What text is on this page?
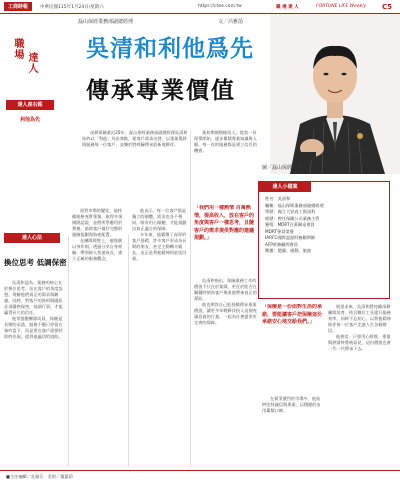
工商時報	中華民國115年1月24日/星期六	https://ctee.com.tw	職 場 達 人	FORTUNE LIFE Weekly C5
職場
達人
達人座右銘
利他為先
磊山保經業務部副總經理	文／呂雅菡
吳清和利他爲先
傳承專業價值
圖／磊山保經提供

深耕保險業近20年，磊山保經業務部副總經理吳清和始終以「利他」為出發點，從客戶需求出發，以專業與熱情服務每一位客戶，並樂於將經驗傳承給新進夥伴。

業初期便積極投入，從第一份保單開始，逐步累積專業知識與人脈，每一次的服務都是建立信任的機會。

「我們用一樣熱情 百萬熱情，提高收入，放在客戶的角度與客戶一樣思考，且隨客戶的需求提供對應的建議規劃。」
達人心法
換位思考 低調保密

吳清和認為，業務的核心在於換位思考，站在客戶的角度設想，理解他們真正的需求與顧慮。同時，對客戶的資料與隱私必須嚴格保密，低調行事，才能贏得長久的信任。

他常提醒團隊成員，保險是長期的承諾，服務不應只停留在簽約當下，而是要在客戶需要時即時出現，提供最適切的協助。

面對市場的變化，他持續進修充實專業，取得多項國際認證，並將所學應用於實務，協助客戶做好完整的風險規劃與資產配置。

在團隊經營上，他強調以身作則，透過分享自身經驗，帶領新人快速成長，建立正確的服務觀念。

他表示，每一位客戶都是獨立的個體，需求也各不相同，唯有用心傾聽，才能規劃出真正適合的保障。

多年來，他累積了深厚的客戶基礎，許多客戶更成為長期的朋友，甚至主動轉介親友，這正是利他精神的最佳回報。

吳清和指出，保險業務工作的價值不只在於業績，更在於能否在關鍵時刻為客戶與家庭帶來真正的幫助。

他也期許自己能持續傳承專業價值，讓更多年輕夥伴投入這個充滿意義的行業，一起為社會提供更完善的保障。

達人小檔案
姓名：吳清和
職稱：磊山保經業務部副總經理
學歷：國立大安高工資訊科
經歷：曾任保險公司業務主管
獲獎：MDRT百萬圓桌會員
MDRT會員榮譽
IARFC國際認證財務顧問師
AFP財務顧問會員
興趣：閱讀、運動、旅遊
「保險是一份面對生活的承諾，要能讓客戶把保險這份承諾安心地交給我們。」

在競爭激烈的市場中，他始終堅持誠信與專業，以穩健的步伐累積口碑。

展望未來，吳清和將持續深耕團隊培育，結合數位工具提升服務效率，同時不忘初心，以利他精神陪伴每一位客戶走過人生各個階段。

他相信，只要用心經營，專業與熱情終將被看見，這份價值也會一代一代傳承下去。

■主任編輯／吳雅芬　美術／蕭惠莉
